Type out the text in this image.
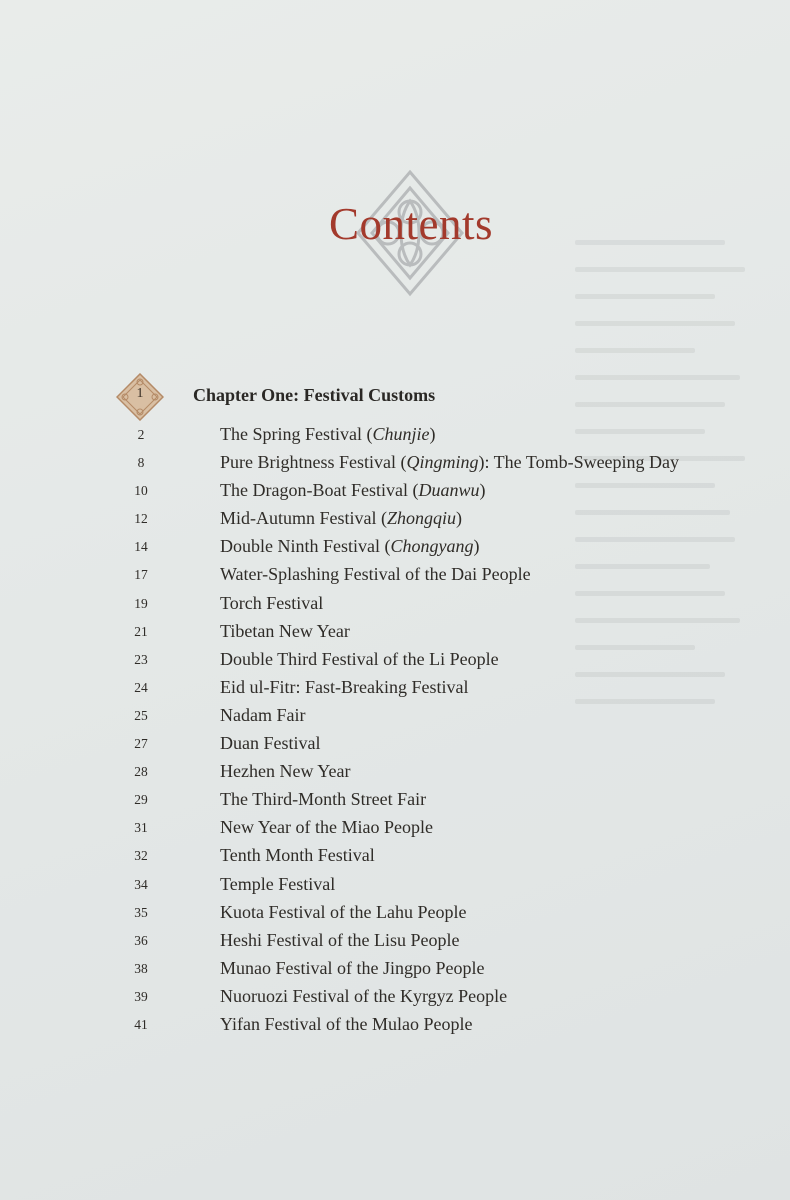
Contents
1	Chapter One: Festival Customs
2	The Spring Festival (Chunjie)
8	Pure Brightness Festival (Qingming): The Tomb-Sweeping Day
10	The Dragon-Boat Festival (Duanwu)
12	Mid-Autumn Festival (Zhongqiu)
14	Double Ninth Festival (Chongyang)
17	Water-Splashing Festival of the Dai People
19	Torch Festival
21	Tibetan New Year
23	Double Third Festival of the Li People
24	Eid ul-Fitr: Fast-Breaking Festival
25	Nadam Fair
27	Duan Festival
28	Hezhen New Year
29	The Third-Month Street Fair
31	New Year of the Miao People
32	Tenth Month Festival
34	Temple Festival
35	Kuota Festival of the Lahu People
36	Heshi Festival of the Lisu People
38	Munao Festival of the Jingpo People
39	Nuoruozi Festival of the Kyrgyz People
41	Yifan Festival of the Mulao People
